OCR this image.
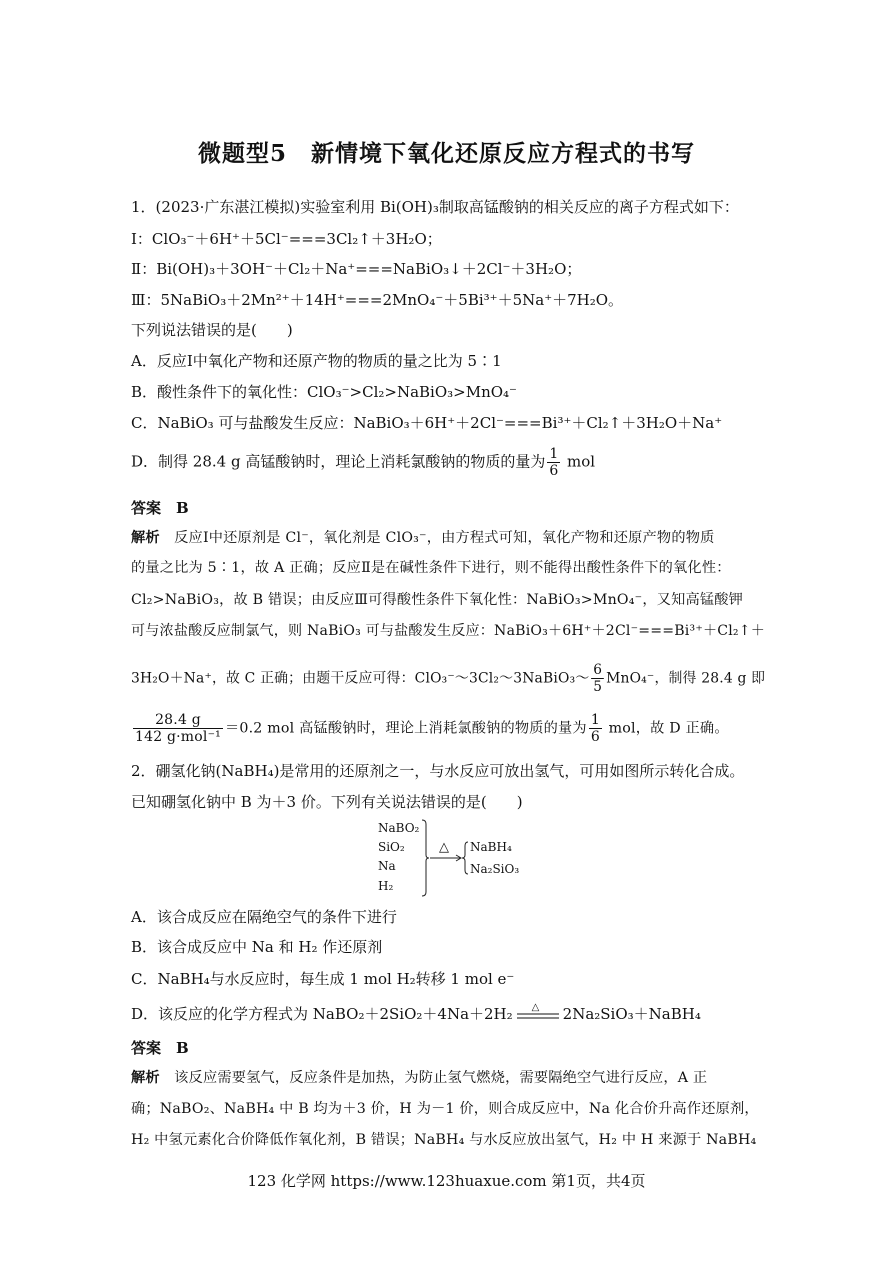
微题型5　新情境下氧化还原反应方程式的书写
1．(2023·广东湛江模拟)实验室利用 Bi(OH)₃制取高锰酸钠的相关反应的离子方程式如下：
Ⅰ：ClO₃⁻＋6H⁺＋5Cl⁻===3Cl₂↑＋3H₂O；
Ⅱ：Bi(OH)₃＋3OH⁻＋Cl₂＋Na⁺===NaBiO₃↓＋2Cl⁻＋3H₂O；
Ⅲ：5NaBiO₃＋2Mn²⁺＋14H⁺===2MnO₄⁻＋5Bi³⁺＋5Na⁺＋7H₂O。
下列说法错误的是(　　)
A．反应Ⅰ中氧化产物和还原产物的物质的量之比为 5∶1
B．酸性条件下的氧化性：ClO₃⁻>Cl₂>NaBiO₃>MnO₄⁻
C．NaBiO₃ 可与盐酸发生反应：NaBiO₃＋6H⁺＋2Cl⁻===Bi³⁺＋Cl₂↑＋3H₂O＋Na⁺
D．制得 28.4 g 高锰酸钠时，理论上消耗氯酸钠的物质的量为 $\frac{1}{6}$ mol
答案　 B
解析　 反应Ⅰ中还原剂是 Cl⁻，氧化剂是 ClO₃⁻，由方程式可知，氧化产物和还原产物的物质
的量之比为 5∶1，故 A 正确；反应Ⅱ是在碱性条件下进行，则不能得出酸性条件下的氧化性：
Cl₂>NaBiO₃，故 B 错误；由反应Ⅲ可得酸性条件下氧化性：NaBiO₃>MnO₄⁻，又知高锰酸钾
可与浓盐酸反应制氯气，则 NaBiO₃ 可与盐酸发生反应：NaBiO₃＋6H⁺＋2Cl⁻===Bi³⁺＋Cl₂↑＋
3H₂O＋Na⁺，故 C 正确；由题干反应可得：ClO₃⁻～3Cl₂～3NaBiO₃～ $\frac{6}{5} MnO_4^-$，制得 28.4 g 即
$\frac{28.4 g}{\text{142 g·mol⁻¹}} =0.2$ mol 高锰酸钠时，理论上消耗氯酸钠的物质的量为 $\frac{1}{6}$ mol，故 D 正确。
2．硼氢化钠(NaBH₄)是常用的还原剂之一，与水反应可放出氢气，可用如图所示转化合成。
已知硼氢化钠中 B 为＋3 价。下列有关说法错误的是(　　)
NaBO₂
SiO₂
Na
H₂
△ NaBH₄
Na₂SiO₃
A．该合成反应在隔绝空气的条件下进行
B．该合成反应中 Na 和 H₂ 作还原剂
C．NaBH₄与水反应时，每生成 1 mol H₂转移 1 mol e⁻
D．该反应的化学方程式为 NaBO₂＋2SiO₂＋4Na＋2H₂ △ 2Na₂SiO₃＋NaBH₄
答案　 B
解析　 该反应需要氢气，反应条件是加热，为防止氢气燃烧，需要隔绝空气进行反应，A 正
确；NaBO₂、NaBH₄ 中 B 均为＋3 价，H 为－1 价，则合成反应中，Na 化合价升高作还原剂，
H₂ 中氢元素化合价降低作氧化剂，B 错误；NaBH₄ 与水反应放出氢气，H₂ 中 H 来源于 NaBH₄
123 化学网 https://www.123huaxue.com 第1页，共4页
